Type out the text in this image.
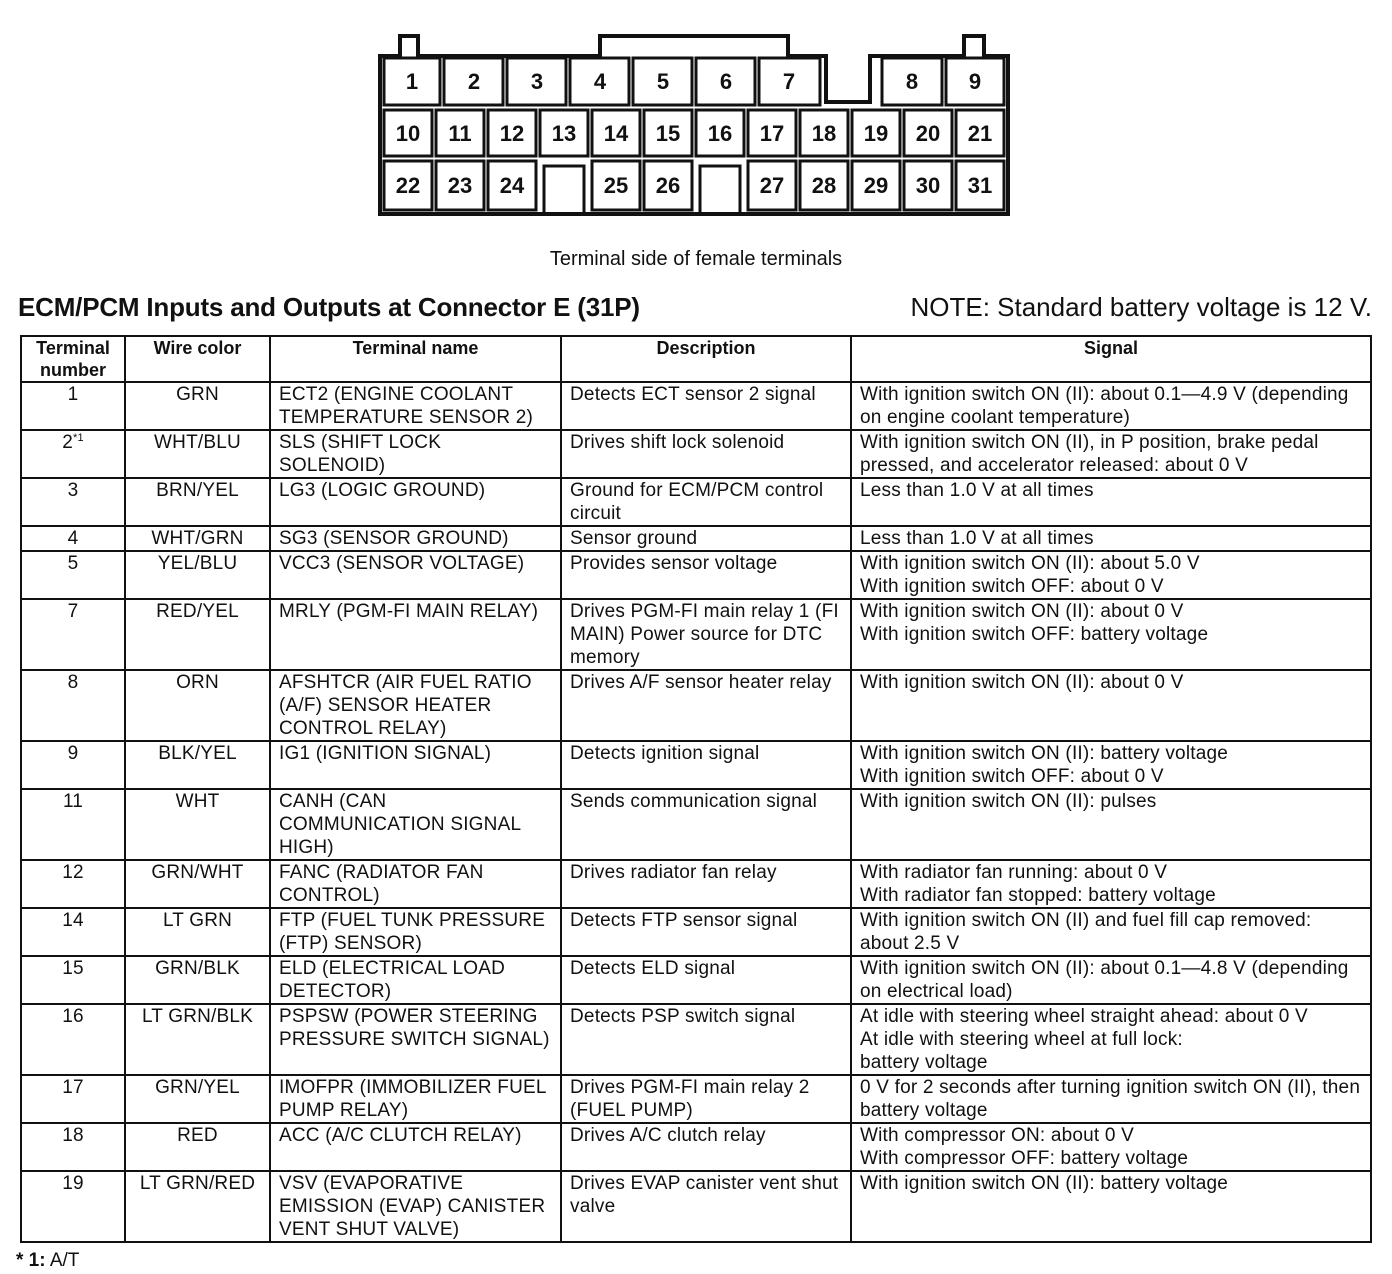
1 2 3 4 5 6 7	8 9
10 11 12 13 14 15 16 17 18 19 20 21
22 23 24	25 26	27 28 29 30 31
Terminal side of female terminals
ECM/PCM Inputs and Outputs at Connector E (31P)	NOTE: Standard battery voltage is 12 V.
Terminal number	Wire color	Terminal name	Description	Signal
1	GRN	ECT2 (ENGINE COOLANT TEMPERATURE SENSOR 2)	Detects ECT sensor 2 signal	With ignition switch ON (II): about 0.1—4.9 V (depending on engine coolant temperature)
2$^{*1}$	WHT/BLU	SLS (SHIFT LOCK SOLENOID)	Drives shift lock solenoid	With ignition switch ON (II), in P position, brake pedal pressed, and accelerator released: about 0 V
3	BRN/YEL	LG3 (LOGIC GROUND)	Ground for ECM/PCM control circuit	Less than 1.0 V at all times
4	WHT/GRN	SG3 (SENSOR GROUND)	Sensor ground	Less than 1.0 V at all times
5	YEL/BLU	VCC3 (SENSOR VOLTAGE)	Provides sensor voltage	With ignition switch ON (II): about 5.0 V
With ignition switch OFF: about 0 V
7	RED/YEL	MRLY (PGM-FI MAIN RELAY)	Drives PGM-FI main relay 1 (FI MAIN) Power source for DTC memory	With ignition switch ON (II): about 0 V
With ignition switch OFF: battery voltage
8	ORN	AFSHTCR (AIR FUEL RATIO (A/F) SENSOR HEATER CONTROL RELAY)	Drives A/F sensor heater relay	With ignition switch ON (II): about 0 V
9	BLK/YEL	IG1 (IGNITION SIGNAL)	Detects ignition signal	With ignition switch ON (II): battery voltage
With ignition switch OFF: about 0 V
11	WHT	CANH (CAN COMMUNICATION SIGNAL HIGH)	Sends communication signal	With ignition switch ON (II): pulses
12	GRN/WHT	FANC (RADIATOR FAN CONTROL)	Drives radiator fan relay	With radiator fan running: about 0 V
With radiator fan stopped: battery voltage
14	LT GRN	FTP (FUEL TUNK PRESSURE (FTP) SENSOR)	Detects FTP sensor signal	With ignition switch ON (II) and fuel fill cap removed: about 2.5 V
15	GRN/BLK	ELD (ELECTRICAL LOAD DETECTOR)	Detects ELD signal	With ignition switch ON (II): about 0.1—4.8 V (depending on electrical load)
16	LT GRN/BLK	PSPSW (POWER STEERING PRESSURE SWITCH SIGNAL)	Detects PSP switch signal	At idle with steering wheel straight ahead: about 0 V
At idle with steering wheel at full lock:
battery voltage
17	GRN/YEL	IMOFPR (IMMOBILIZER FUEL PUMP RELAY)	Drives PGM-FI main relay 2 (FUEL PUMP)	0 V for 2 seconds after turning ignition switch ON (II), then battery voltage
18	RED	ACC (A/C CLUTCH RELAY)	Drives A/C clutch relay	With compressor ON: about 0 V
With compressor OFF: battery voltage
19	LT GRN/RED	VSV (EVAPORATIVE EMISSION (EVAP) CANISTER VENT SHUT VALVE)	Drives EVAP canister vent shut valve	With ignition switch ON (II): battery voltage
* 1: A/T
